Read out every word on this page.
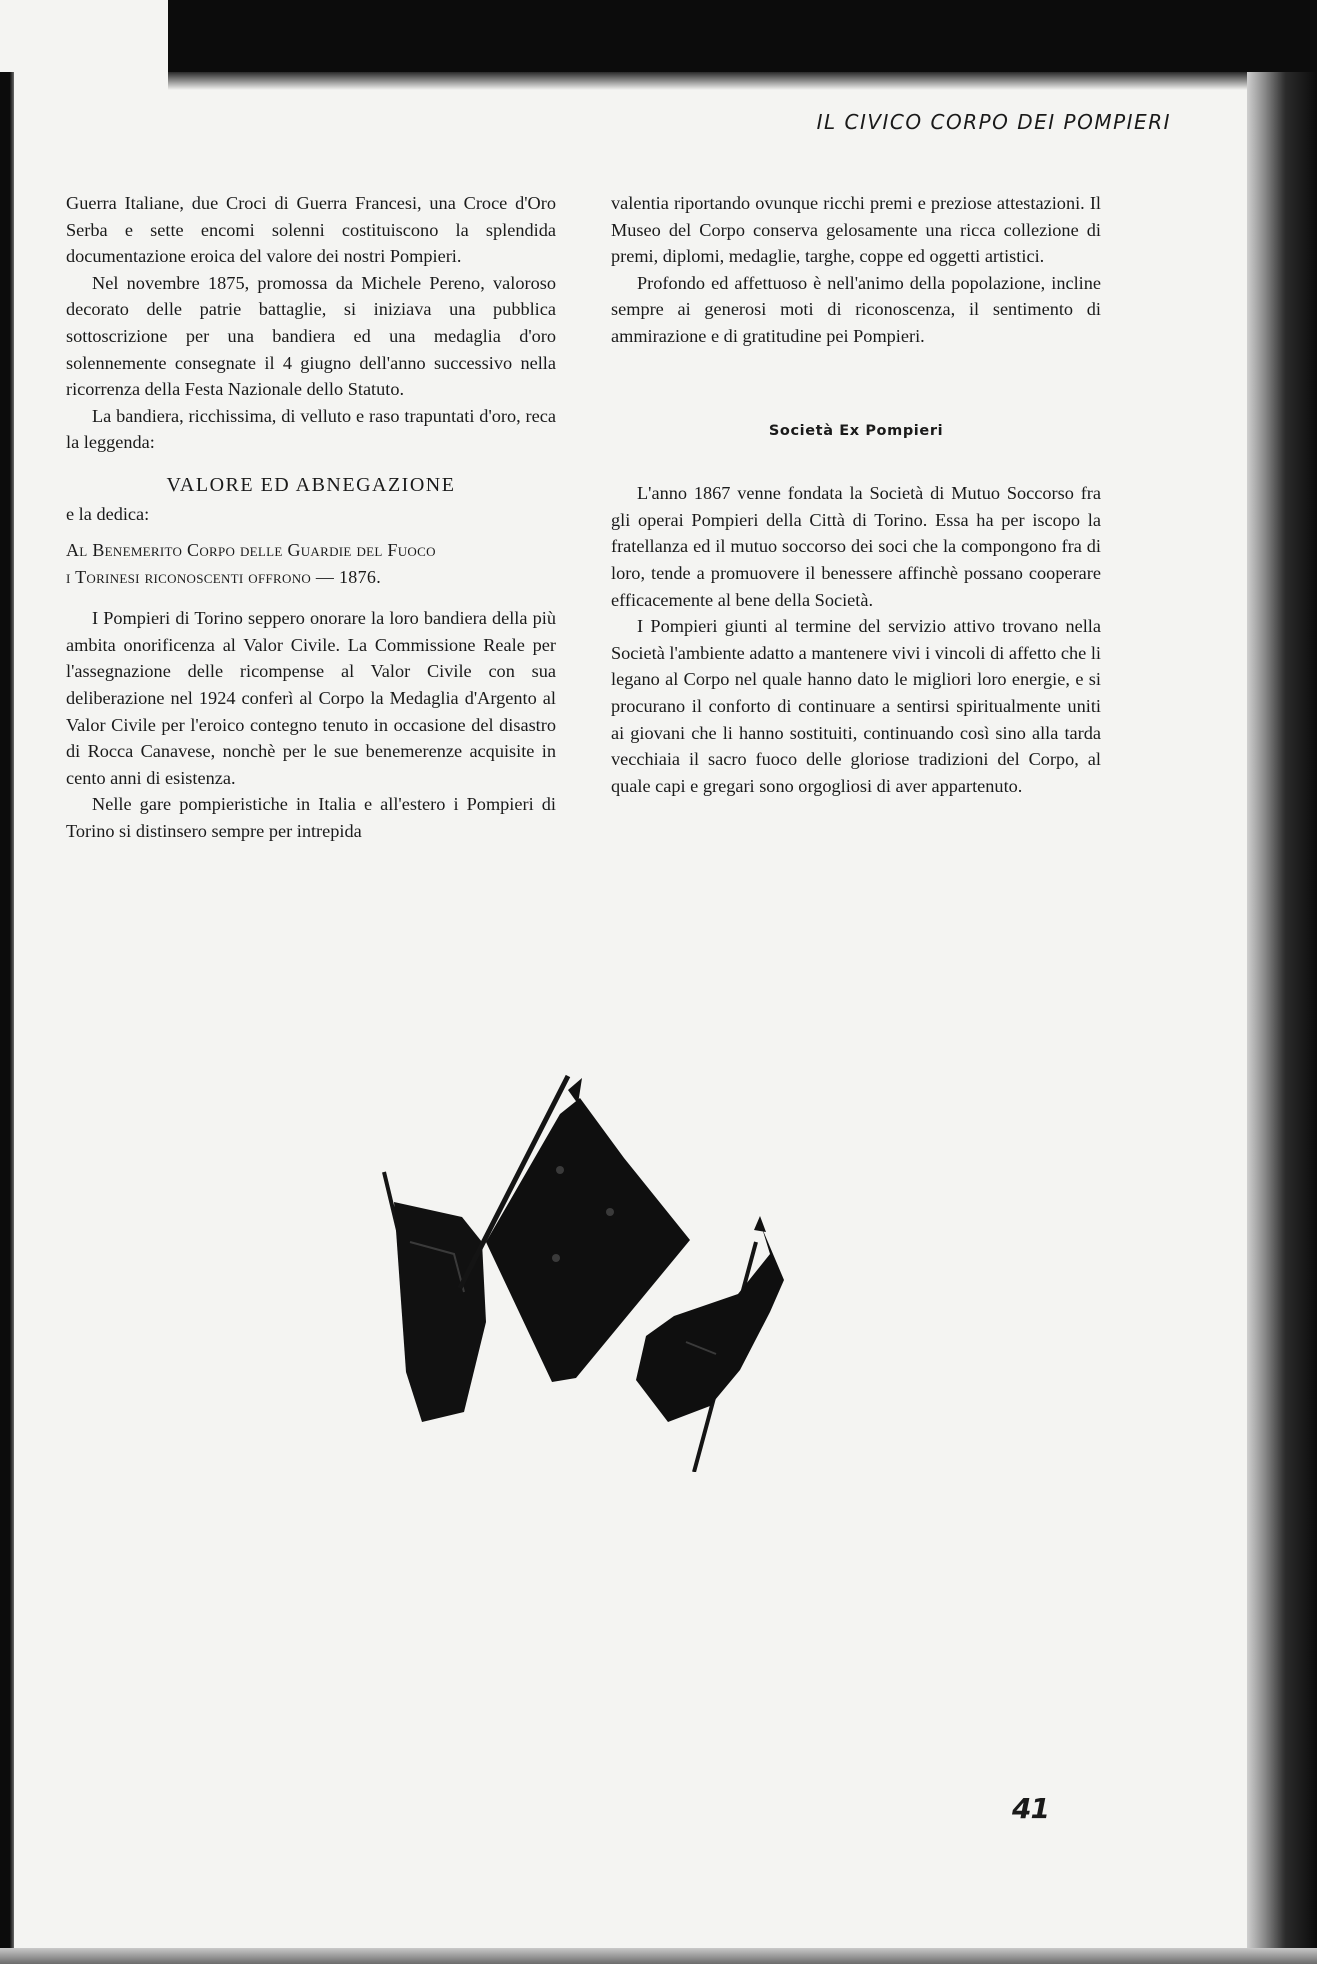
IL CIVICO CORPO DEI POMPIERI

Guerra Italiane, due Croci di Guerra Francesi, una Croce d'Oro Serba e sette encomi solenni costituiscono la splendida documentazione eroica del valore dei nostri Pompieri.

Nel novembre 1875, promossa da Michele Pereno, valoroso decorato delle patrie battaglie, si iniziava una pubblica sottoscrizione per una bandiera ed una medaglia d'oro solennemente consegnate il 4 giugno dell'anno successivo nella ricorrenza della Festa Nazionale dello Statuto.

La bandiera, ricchissima, di velluto e raso trapuntati d'oro, reca la leggenda:

VALORE ED ABNEGAZIONE
e la dedica:
Al Benemerito Corpo delle Guardie del Fuoco

i Torinesi riconoscenti offrono — 1876.

I Pompieri di Torino seppero onorare la loro bandiera della più ambita onorificenza al Valor Civile. La Commissione Reale per l'assegnazione delle ricompense al Valor Civile con sua deliberazione nel 1924 conferì al Corpo la Medaglia d'Argento al Valor Civile per l'eroico contegno tenuto in occasione del disastro di Rocca Canavese, nonchè per le sue benemerenze acquisite in cento anni di esistenza.

Nelle gare pompieristiche in Italia e all'estero i Pompieri di Torino si distinsero sempre per intrepida

valentia riportando ovunque ricchi premi e preziose attestazioni. Il Museo del Corpo conserva gelosamente una ricca collezione di premi, diplomi, medaglie, targhe, coppe ed oggetti artistici.

Profondo ed affettuoso è nell'animo della popolazione, incline sempre ai generosi moti di riconoscenza, il sentimento di ammirazione e di gratitudine pei Pompieri.

Società Ex Pompieri

L'anno 1867 venne fondata la Società di Mutuo Soccorso fra gli operai Pompieri della Città di Torino. Essa ha per iscopo la fratellanza ed il mutuo soccorso dei soci che la compongono fra di loro, tende a promuovere il benessere affinchè possano cooperare efficacemente al bene della Società.

I Pompieri giunti al termine del servizio attivo trovano nella Società l'ambiente adatto a mantenere vivi i vincoli di affetto che li legano al Corpo nel quale hanno dato le migliori loro energie, e si procurano il conforto di continuare a sentirsi spiritualmente uniti ai giovani che li hanno sostituiti, continuando così sino alla tarda vecchiaia il sacro fuoco delle gloriose tradizioni del Corpo, al quale capi e gregari sono orgogliosi di aver appartenuto.

41
